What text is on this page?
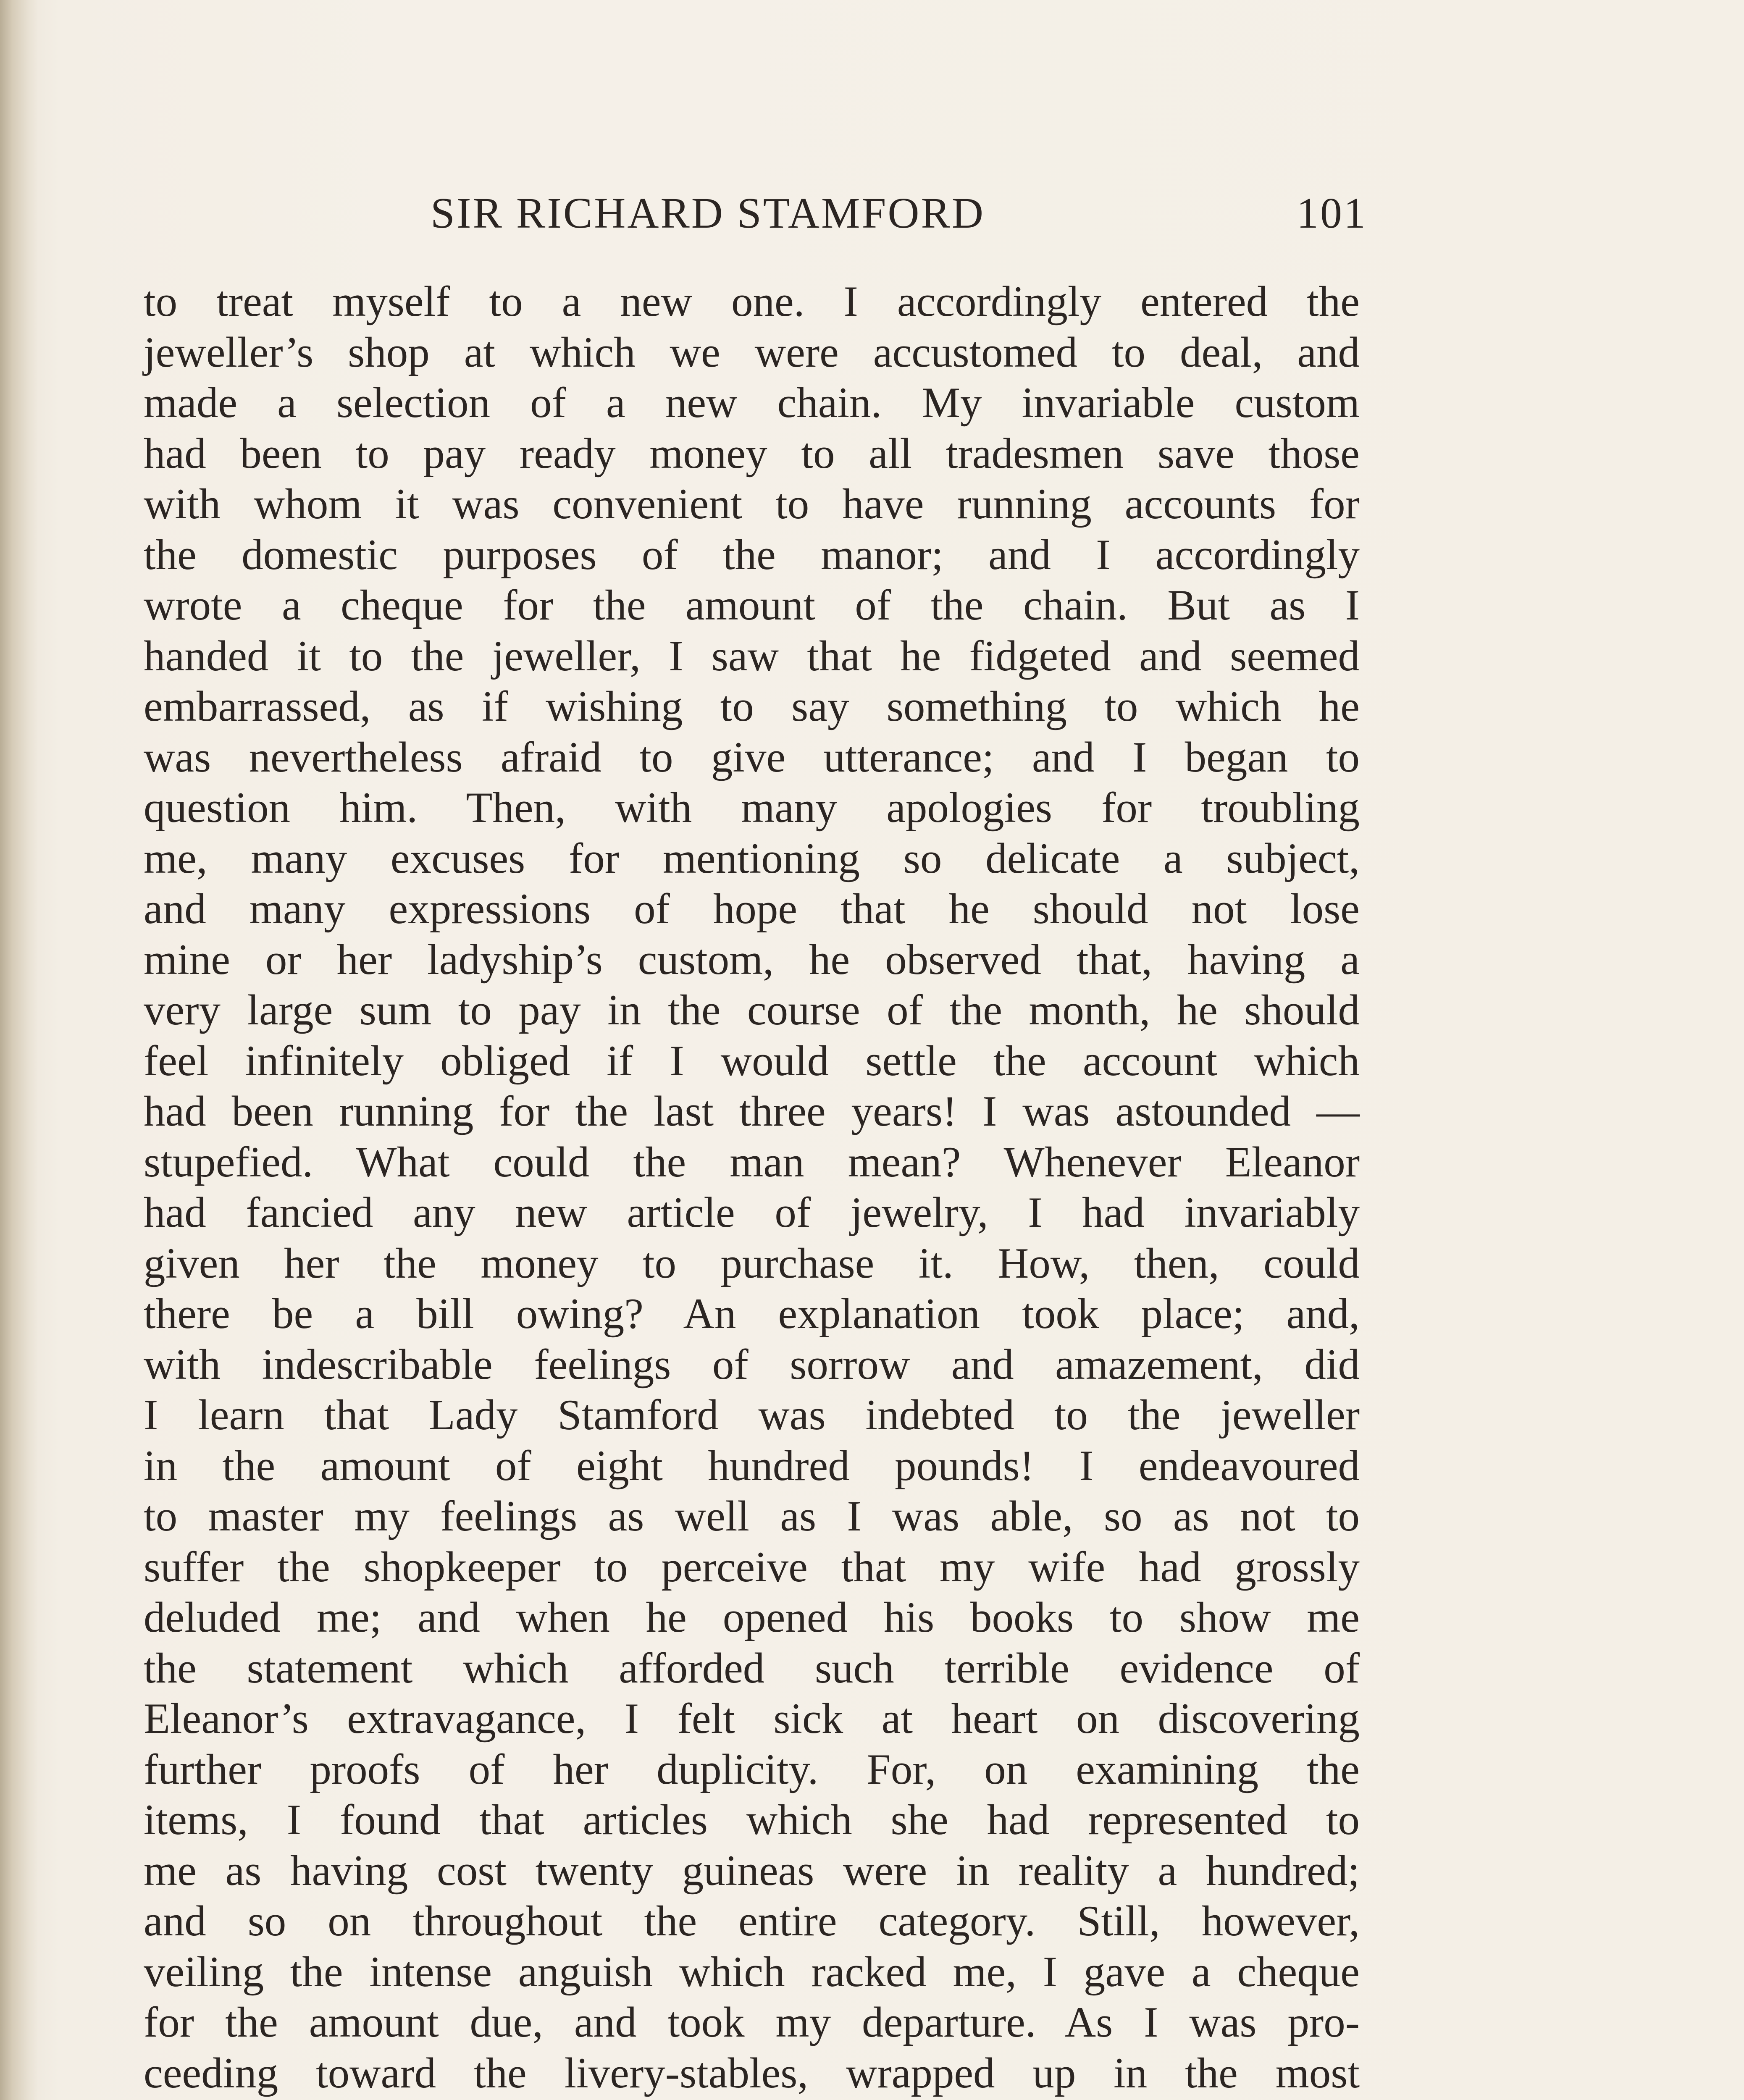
SIR RICHARD STAMFORD	101
to treat myself to a new one. I accordingly entered the
jeweller’s shop at which we were accustomed to deal, and
made a selection of a new chain. My invariable custom
had been to pay ready money to all tradesmen save those
with whom it was convenient to have running accounts for
the domestic purposes of the manor; and I accordingly
wrote a cheque for the amount of the chain. But as I
handed it to the jeweller, I saw that he fidgeted and seemed
embarrassed, as if wishing to say something to which he
was nevertheless afraid to give utterance; and I began to
question him. Then, with many apologies for troubling
me, many excuses for mentioning so delicate a subject,
and many expressions of hope that he should not lose
mine or her ladyship’s custom, he observed that, having a
very large sum to pay in the course of the month, he should
feel infinitely obliged if I would settle the account which
had been running for the last three years! I was astounded —
stupefied. What could the man mean? Whenever Eleanor
had fancied any new article of jewelry, I had invariably
given her the money to purchase it. How, then, could
there be a bill owing? An explanation took place; and,
with indescribable feelings of sorrow and amazement, did
I learn that Lady Stamford was indebted to the jeweller
in the amount of eight hundred pounds! I endeavoured
to master my feelings as well as I was able, so as not to
suffer the shopkeeper to perceive that my wife had grossly
deluded me; and when he opened his books to show me
the statement which afforded such terrible evidence of
Eleanor’s extravagance, I felt sick at heart on discovering
further proofs of her duplicity. For, on examining the
items, I found that articles which she had represented to
me as having cost twenty guineas were in reality a hundred;
and so on throughout the entire category. Still, however,
veiling the intense anguish which racked me, I gave a cheque
for the amount due, and took my departure. As I was pro-
ceeding toward the livery-stables, wrapped up in the most
